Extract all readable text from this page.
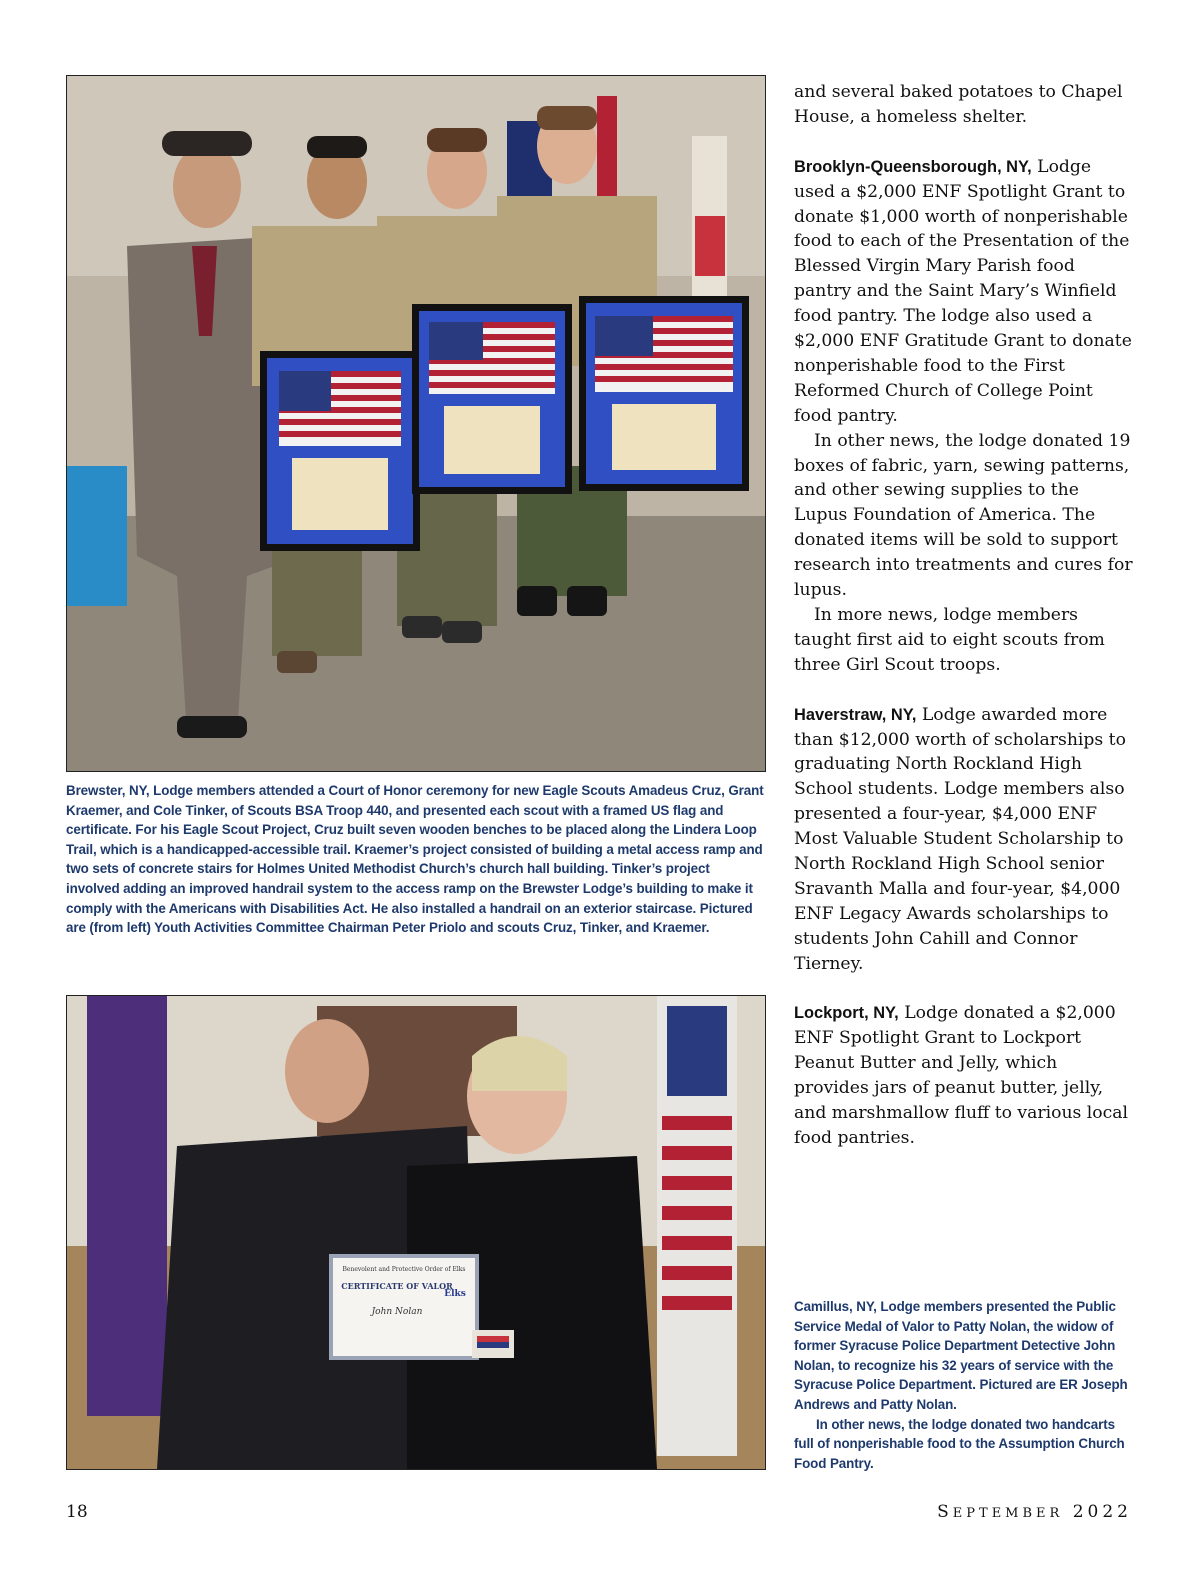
Brewster, NY, Lodge members attended a Court of Honor ceremony for new Eagle Scouts Amadeus Cruz, Grant Kraemer, and Cole Tinker, of Scouts BSA Troop 440, and presented each scout with a framed US flag and certificate. For his Eagle Scout Project, Cruz built seven wooden benches to be placed along the Lindera Loop Trail, which is a handicapped-accessible trail. Kraemer’s project consisted of building a metal access ramp and two sets of concrete stairs for Holmes United Methodist Church’s church hall building. Tinker’s project involved adding an improved handrail system to the access ramp on the Brewster Lodge’s building to make it comply with the Americans with Disabilities Act. He also installed a handrail on an exterior staircase. Pictured are (from left) Youth Activities Committee Chairman Peter Priolo and scouts Cruz, Tinker, and Kraemer.

Benevolent and Protective Order of Elks
CERTIFICATE OF VALOR
John Nolan
Elks

Camillus, NY, Lodge members presented the Public Service Medal of Valor to Patty Nolan, the widow of former Syracuse Police Department Detective John Nolan, to recognize his 32 years of service with the Syracuse Police Department. Pictured are ER Joseph Andrews and Patty Nolan.
In other news, the lodge donated two handcarts full of nonperishable food to the Assumption Church Food Pantry.

and several baked potatoes to Chapel House, a homeless shelter.

Brooklyn-Queensborough, NY, Lodge used a $2,000 ENF Spotlight Grant to donate $1,000 worth of nonperishable food to each of the Presentation of the Blessed Virgin Mary Parish food pantry and the Saint Mary’s Winfield food pantry. The lodge also used a $2,000 ENF Gratitude Grant to donate nonperishable food to the First Reformed Church of College Point food pantry.

In other news, the lodge donated 19 boxes of fabric, yarn, sewing patterns, and other sewing supplies to the Lupus Foundation of America. The donated items will be sold to support research into treatments and cures for lupus.

In more news, lodge members taught first aid to eight scouts from three Girl Scout troops.

Haverstraw, NY, Lodge awarded more than $12,000 worth of scholarships to graduating North Rockland High School students. Lodge members also presented a four-year, $4,000 ENF Most Valuable Student Scholarship to North Rockland High School senior Sravanth Malla and four-year, $4,000 ENF Legacy Awards scholarships to students John Cahill and Connor Tierney.

Lockport, NY, Lodge donated a $2,000 ENF Spotlight Grant to Lockport Peanut Butter and Jelly, which provides jars of peanut butter, jelly, and marshmallow fluff to various local food pantries.

18	SEPTEMBER 2022
